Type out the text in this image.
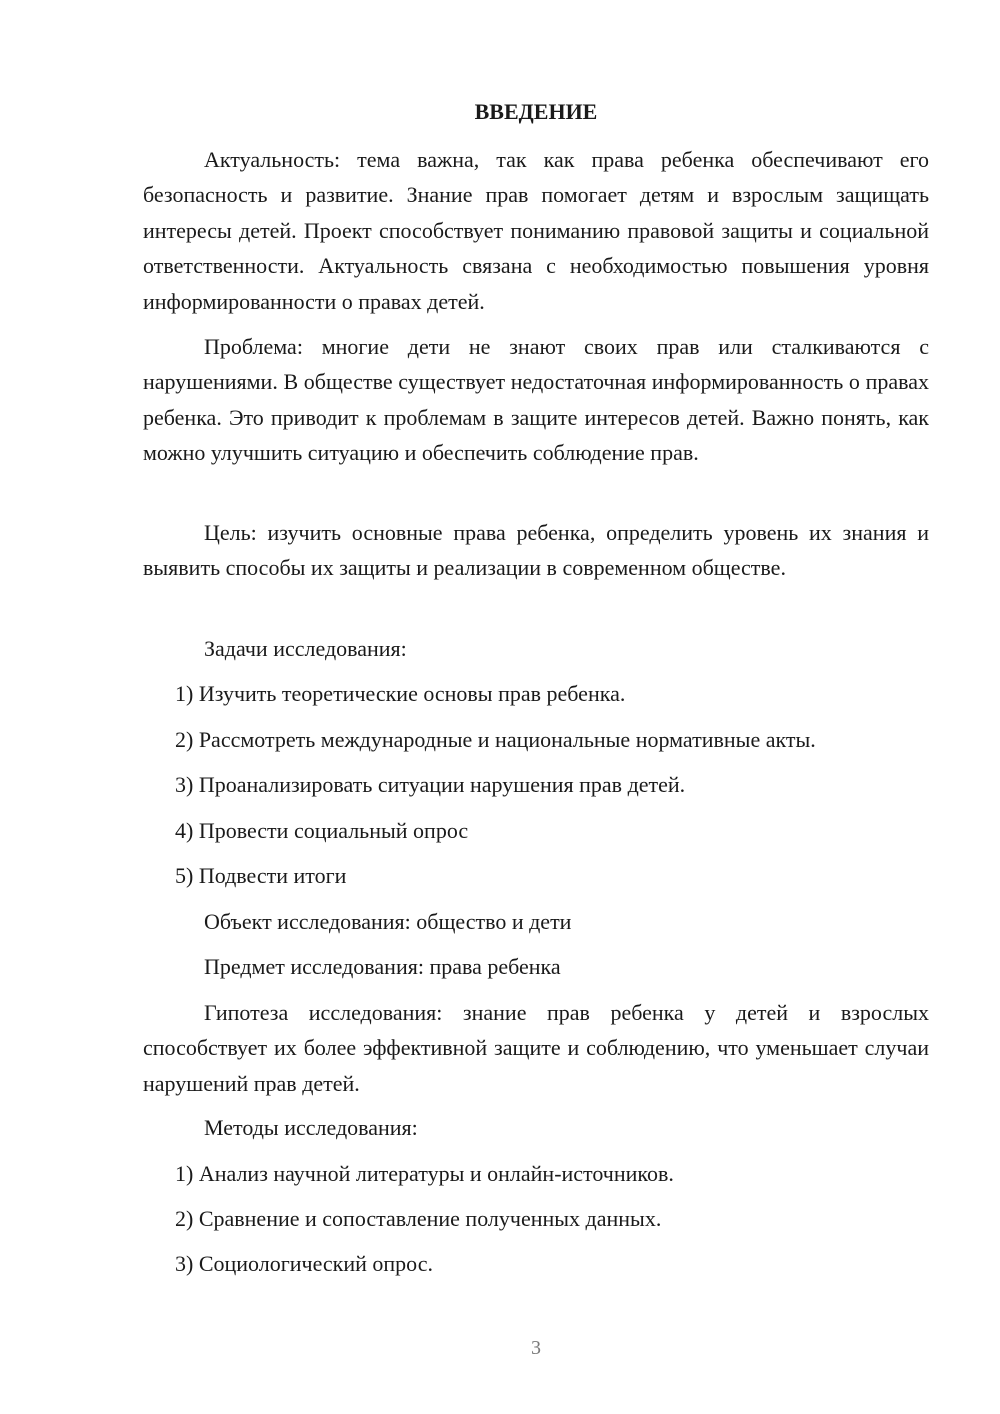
ВВЕДЕНИЕ

Актуальность: тема важна, так как права ребенка обеспечивают его безопасность и развитие. Знание прав помогает детям и взрослым защищать интересы детей. Проект способствует пониманию правовой защиты и социальной ответственности. Актуальность связана с необходимостью повышения уровня информированности о правах детей.

Проблема: многие дети не знают своих прав или сталкиваются с нарушениями. В обществе существует недостаточная информированность о правах ребенка. Это приводит к проблемам в защите интересов детей. Важно понять, как можно улучшить ситуацию и обеспечить соблюдение прав.

Цель: изучить основные права ребенка, определить уровень их знания и выявить способы их защиты и реализации в современном обществе.

Задачи исследования:

1) Изучить теоретические основы прав ребенка.

2) Рассмотреть международные и национальные нормативные акты.

3) Проанализировать ситуации нарушения прав детей.

4) Провести социальный опрос

5) Подвести итоги

Объект исследования: общество и дети

Предмет исследования: права ребенка

Гипотеза исследования: знание прав ребенка у детей и взрослых способствует их более эффективной защите и соблюдению, что уменьшает случаи нарушений прав детей.

Методы исследования:

1) Анализ научной литературы и онлайн-источников.

2) Сравнение и сопоставление полученных данных.

3) Социологический опрос.

3
